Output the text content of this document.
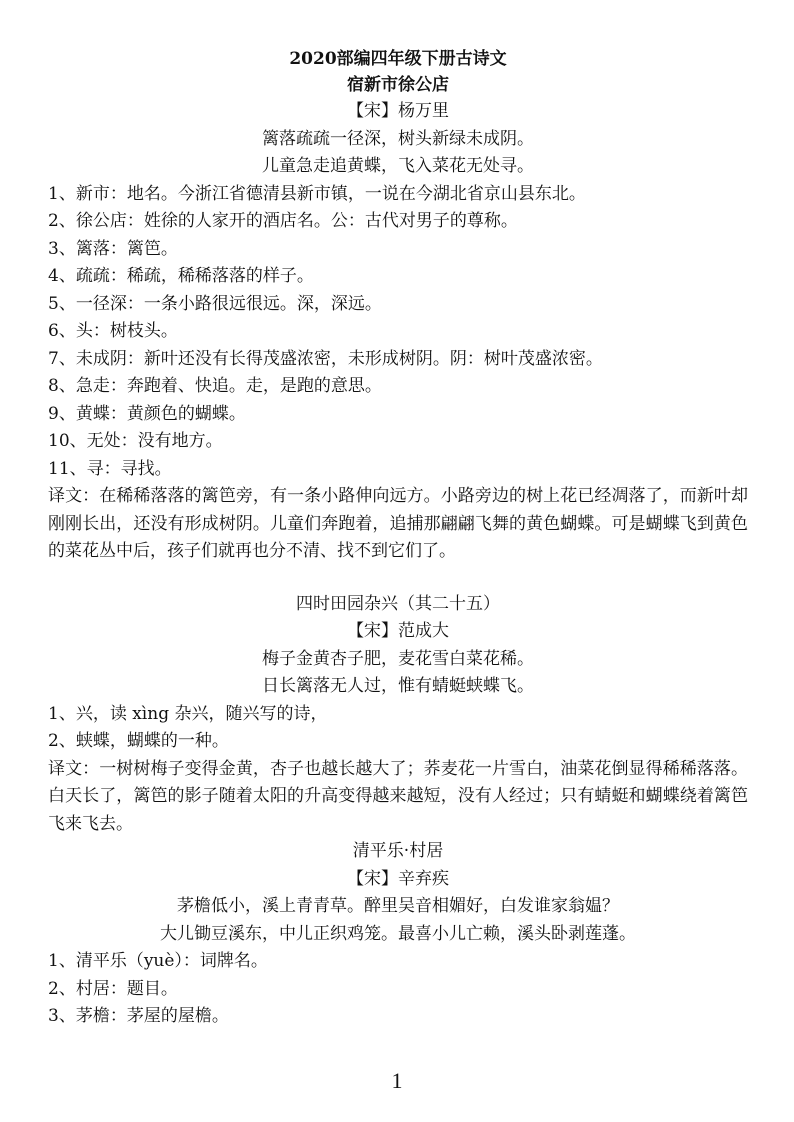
2020部编四年级下册古诗文
宿新市徐公店
【宋】杨万里
篱落疏疏一径深，树头新绿未成阴。
儿童急走追黄蝶，飞入菜花无处寻。
1、新市：地名。今浙江省德清县新市镇，一说在今湖北省京山县东北。
2、徐公店：姓徐的人家开的酒店名。公：古代对男子的尊称。
3、篱落：篱笆。
4、疏疏：稀疏，稀稀落落的样子。
5、一径深：一条小路很远很远。深，深远。
6、头：树枝头。
7、未成阴：新叶还没有长得茂盛浓密，未形成树阴。阴：树叶茂盛浓密。
8、急走：奔跑着、快追。走，是跑的意思。
9、黄蝶：黄颜色的蝴蝶。
10、无处：没有地方。
11、寻：寻找。
译文：在稀稀落落的篱笆旁，有一条小路伸向远方。小路旁边的树上花已经凋落了，而新叶却刚刚长出，还没有形成树阴。儿童们奔跑着，追捕那翩翩飞舞的黄色蝴蝶。可是蝴蝶飞到黄色的菜花丛中后，孩子们就再也分不清、找不到它们了。
四时田园杂兴（其二十五）
【宋】范成大
梅子金黄杏子肥，麦花雪白菜花稀。
日长篱落无人过，惟有蜻蜓蛱蝶飞。
1、兴，读 xìng 杂兴，随兴写的诗，
2、蛱蝶，蝴蝶的一种。
译文：一树树梅子变得金黄，杏子也越长越大了；荞麦花一片雪白，油菜花倒显得稀稀落落。白天长了，篱笆的影子随着太阳的升高变得越来越短，没有人经过；只有蜻蜓和蝴蝶绕着篱笆飞来飞去。
清平乐·村居
【宋】辛弃疾
茅檐低小，溪上青青草。醉里吴音相媚好，白发谁家翁媪？
大儿锄豆溪东，中儿正织鸡笼。最喜小儿亡赖，溪头卧剥莲蓬。
1、清平乐（yuè）：词牌名。
2、村居：题目。
3、茅檐：茅屋的屋檐。
1
